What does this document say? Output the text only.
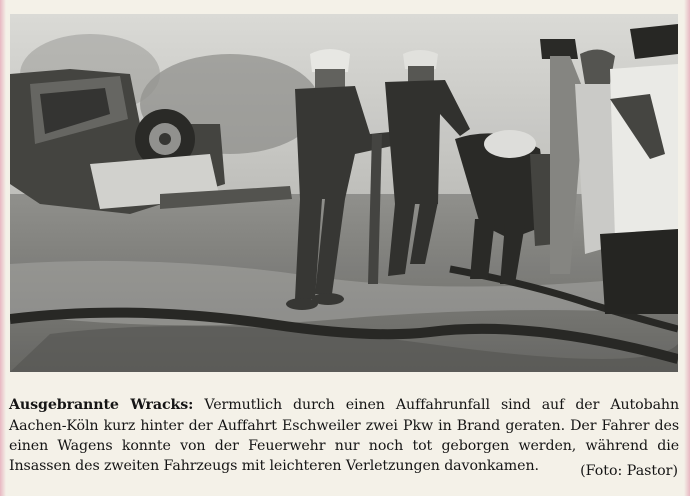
Ausgebrannte Wracks: Vermutlich durch einen Auffahrunfall sind auf der Autobahn Aachen-Köln kurz hinter der Auffahrt Eschweiler zwei Pkw in Brand geraten. Der Fahrer des einen Wagens konnte von der Feuerwehr nur noch tot geborgen werden, während die Insassen des zweiten Fahrzeugs mit leichteren Verletzungen davonkamen.	(Foto: Pastor)
